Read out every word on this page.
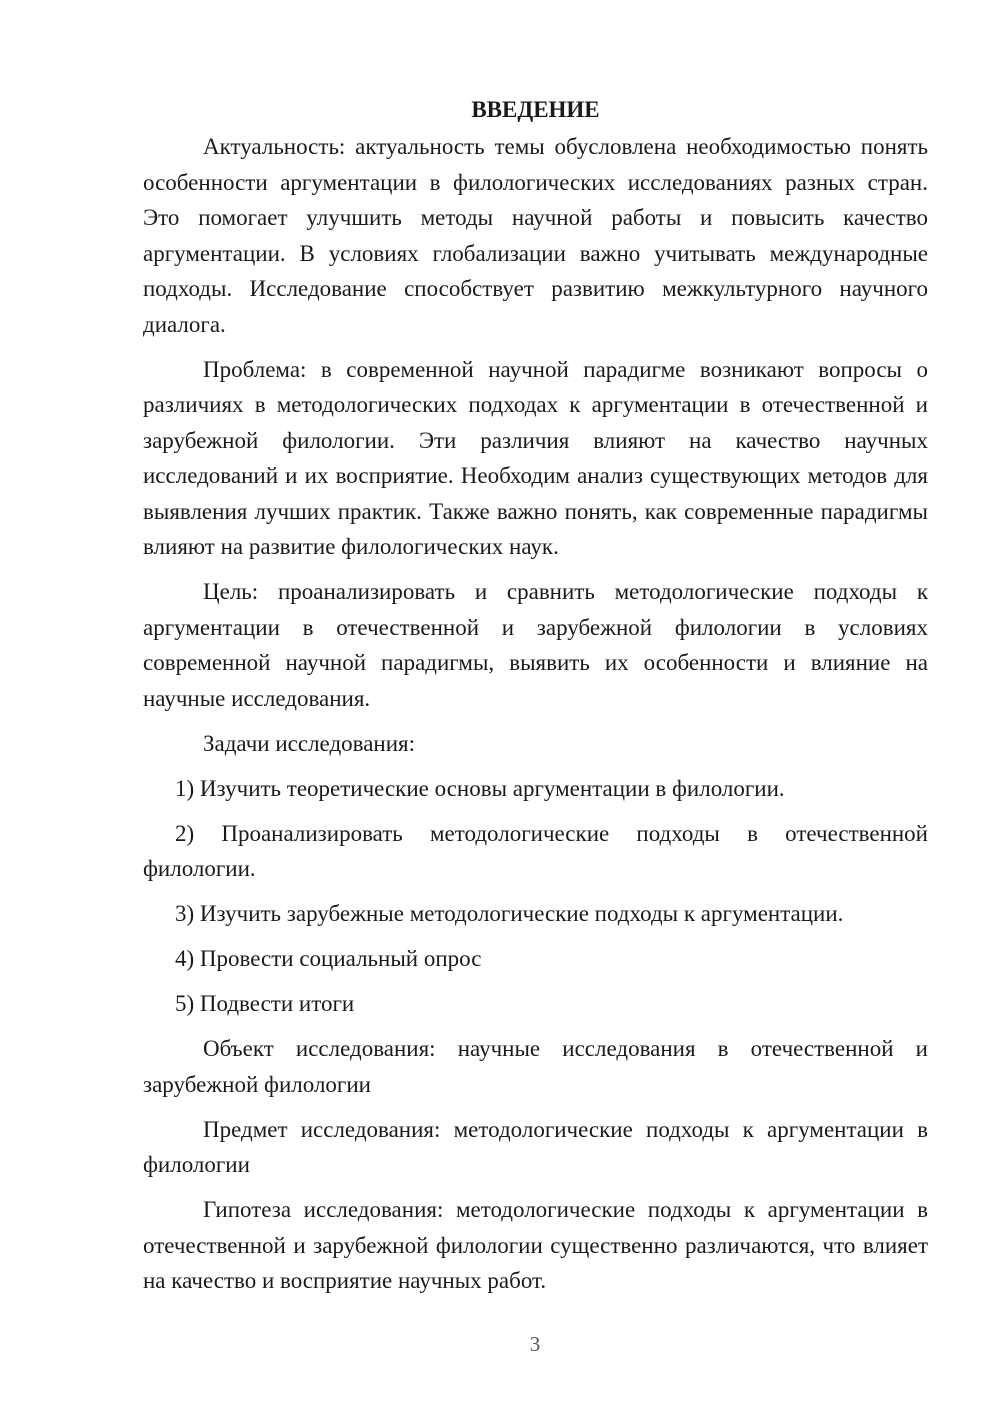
ВВЕДЕНИЕ

Актуальность: актуальность темы обусловлена необходимостью понять особенности аргументации в филологических исследованиях разных стран. Это помогает улучшить методы научной работы и повысить качество аргументации. В условиях глобализации важно учитывать международные подходы. Исследование способствует развитию межкультурного научного диалога.

Проблема: в современной научной парадигме возникают вопросы о различиях в методологических подходах к аргументации в отечественной и зарубежной филологии. Эти различия влияют на качество научных исследований и их восприятие. Необходим анализ существующих методов для выявления лучших практик. Также важно понять, как современные парадигмы влияют на развитие филологических наук.

Цель: проанализировать и сравнить методологические подходы к аргументации в отечественной и зарубежной филологии в условиях современной научной парадигмы, выявить их особенности и влияние на научные исследования.

Задачи исследования:

1) Изучить теоретические основы аргументации в филологии.

2) Проанализировать методологические подходы в отечественной филологии.

3) Изучить зарубежные методологические подходы к аргументации.

4) Провести социальный опрос

5) Подвести итоги

Объект исследования: научные исследования в отечественной и зарубежной филологии

Предмет исследования: методологические подходы к аргументации в филологии

Гипотеза исследования: методологические подходы к аргументации в отечественной и зарубежной филологии существенно различаются, что влияет на качество и восприятие научных работ.

3
